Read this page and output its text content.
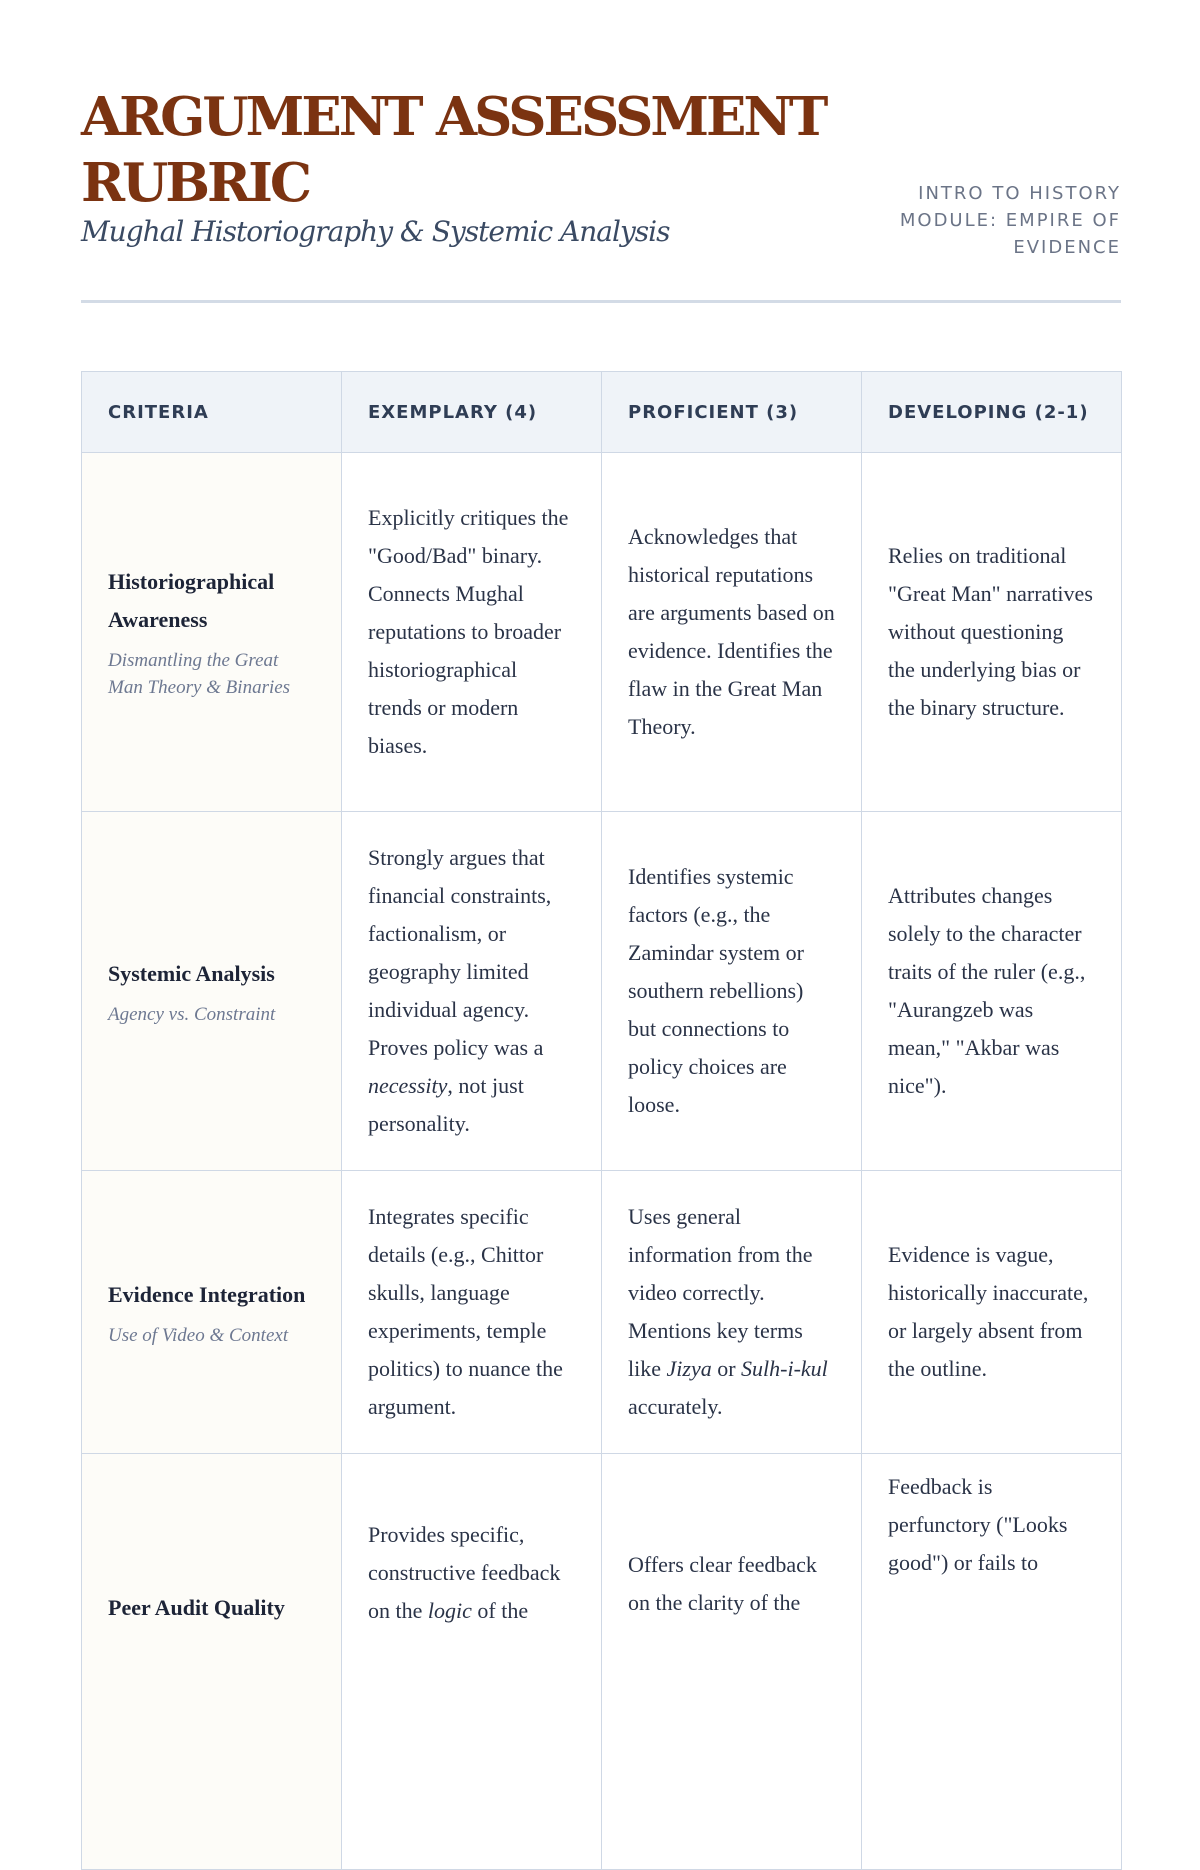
ARGUMENT ASSESSMENT RUBRIC
Mughal Historiography & Systemic Analysis
INTRO TO HISTORY
MODULE: EMPIRE OF
EVIDENCE
CRITERIA	EXEMPLARY (4)	PROFICIENT (3)	DEVELOPING (2-1)

Historiographical Awareness
Dismantling the Great Man Theory & Binaries	Explicitly critiques the "Good/Bad" binary. Connects Mughal reputations to broader historiographical trends or modern biases.	Acknowledges that historical reputations are arguments based on evidence. Identifies the flaw in the Great Man Theory.	Relies on traditional "Great Man" narratives without questioning the underlying bias or the binary structure.

Systemic Analysis
Agency vs. Constraint	Strongly argues that financial constraints, factionalism, or geography limited individual agency. Proves policy was a necessity, not just personality.	Identifies systemic factors (e.g., the Zamindar system or southern rebellions) but connections to policy choices are loose.	Attributes changes solely to the character traits of the ruler (e.g., "Aurangzeb was mean," "Akbar was nice").

Evidence Integration
Use of Video & Context	Integrates specific details (e.g., Chittor skulls, language experiments, temple politics) to nuance the argument.	Uses general information from the video correctly. Mentions key terms like Jizya or Sulh-i-kul accurately.	Evidence is vague, historically inaccurate, or largely absent from the outline.

Peer Audit Quality	Provides specific, constructive feedback on the logic of the	Offers clear feedback on the clarity of the	Feedback is perfunctory ("Looks good") or fails to
